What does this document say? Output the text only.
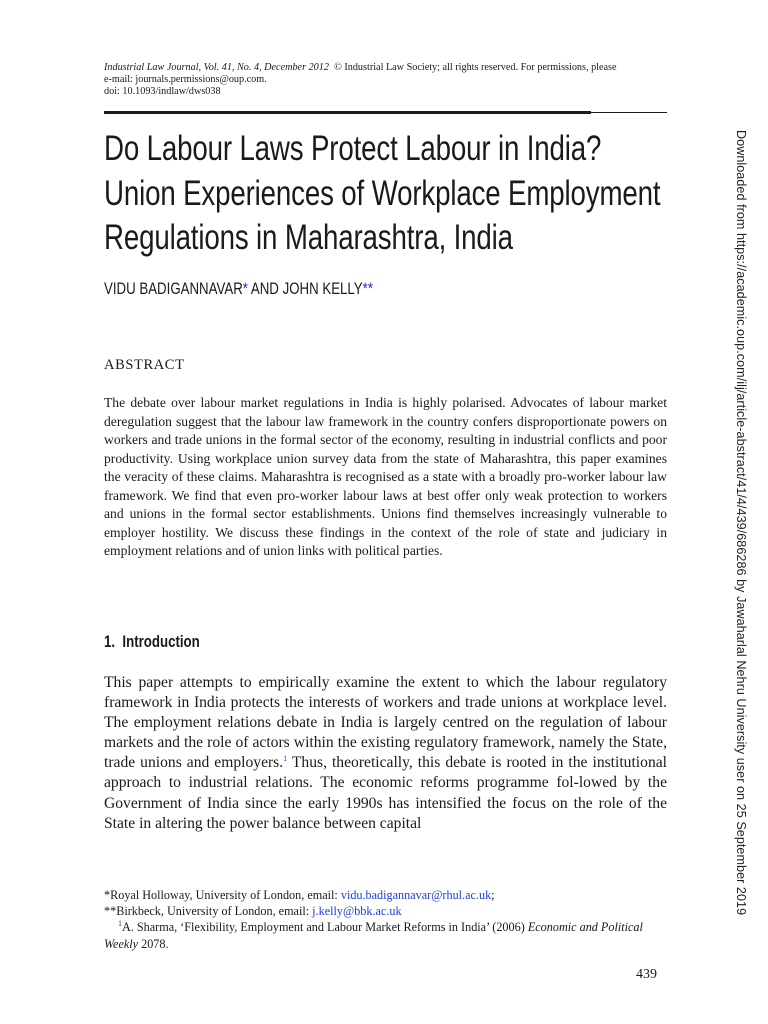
Industrial Law Journal, Vol. 41, No. 4, December 2012 © Industrial Law Society; all rights reserved. For permissions, please
e-mail: journals.permissions@oup.com.
doi: 10.1093/indlaw/dws038
Do Labour Laws Protect Labour in India?
Union Experiences of Workplace Employment
Regulations in Maharashtra, India
VIDU BADIGANNAVAR* AND JOHN KELLY**
ABSTRACT

The debate over labour market regulations in India is highly polarised. Advocates of labour market deregulation suggest that the labour law framework in the country confers disproportionate powers on workers and trade unions in the formal sector of the economy, resulting in industrial conflicts and poor productivity. Using workplace union survey data from the state of Maharashtra, this paper examines the veracity of these claims. Maharashtra is recognised as a state with a broadly pro-worker labour law framework. We find that even pro-worker labour laws at best offer only weak protection to workers and unions in the formal sector establishments. Unions find themselves increasingly vulnerable to employer hostility. We discuss these findings in the context of the role of state and judiciary in employment relations and of union links with political parties.

1.  Introduction

This paper attempts to empirically examine the extent to which the labour regulatory framework in India protects the interests of workers and trade unions at workplace level. The employment relations debate in India is largely centred on the regulation of labour markets and the role of actors within the existing regulatory framework, namely the State, trade unions and employers.$^1$ Thus, theoretically, this debate is rooted in the institutional approach to industrial relations. The economic reforms programme fol-lowed by the Government of India since the early 1990s has intensified the focus on the role of the State in altering the power balance between capital

*Royal Holloway, University of London, email: vidu.badigannavar@rhul.ac.uk;
**Birkbeck, University of London, email: j.kelly@bbk.ac.uk
$^1$A. Sharma, ‘Flexibility, Employment and Labour Market Reforms in India’ (2006) Economic and Political Weekly 2078.
439
Downloaded from https://academic.oup.com/ilj/article-abstract/41/4/439/686286 by Jawaharlal Nehru University user on 25 September 2019
